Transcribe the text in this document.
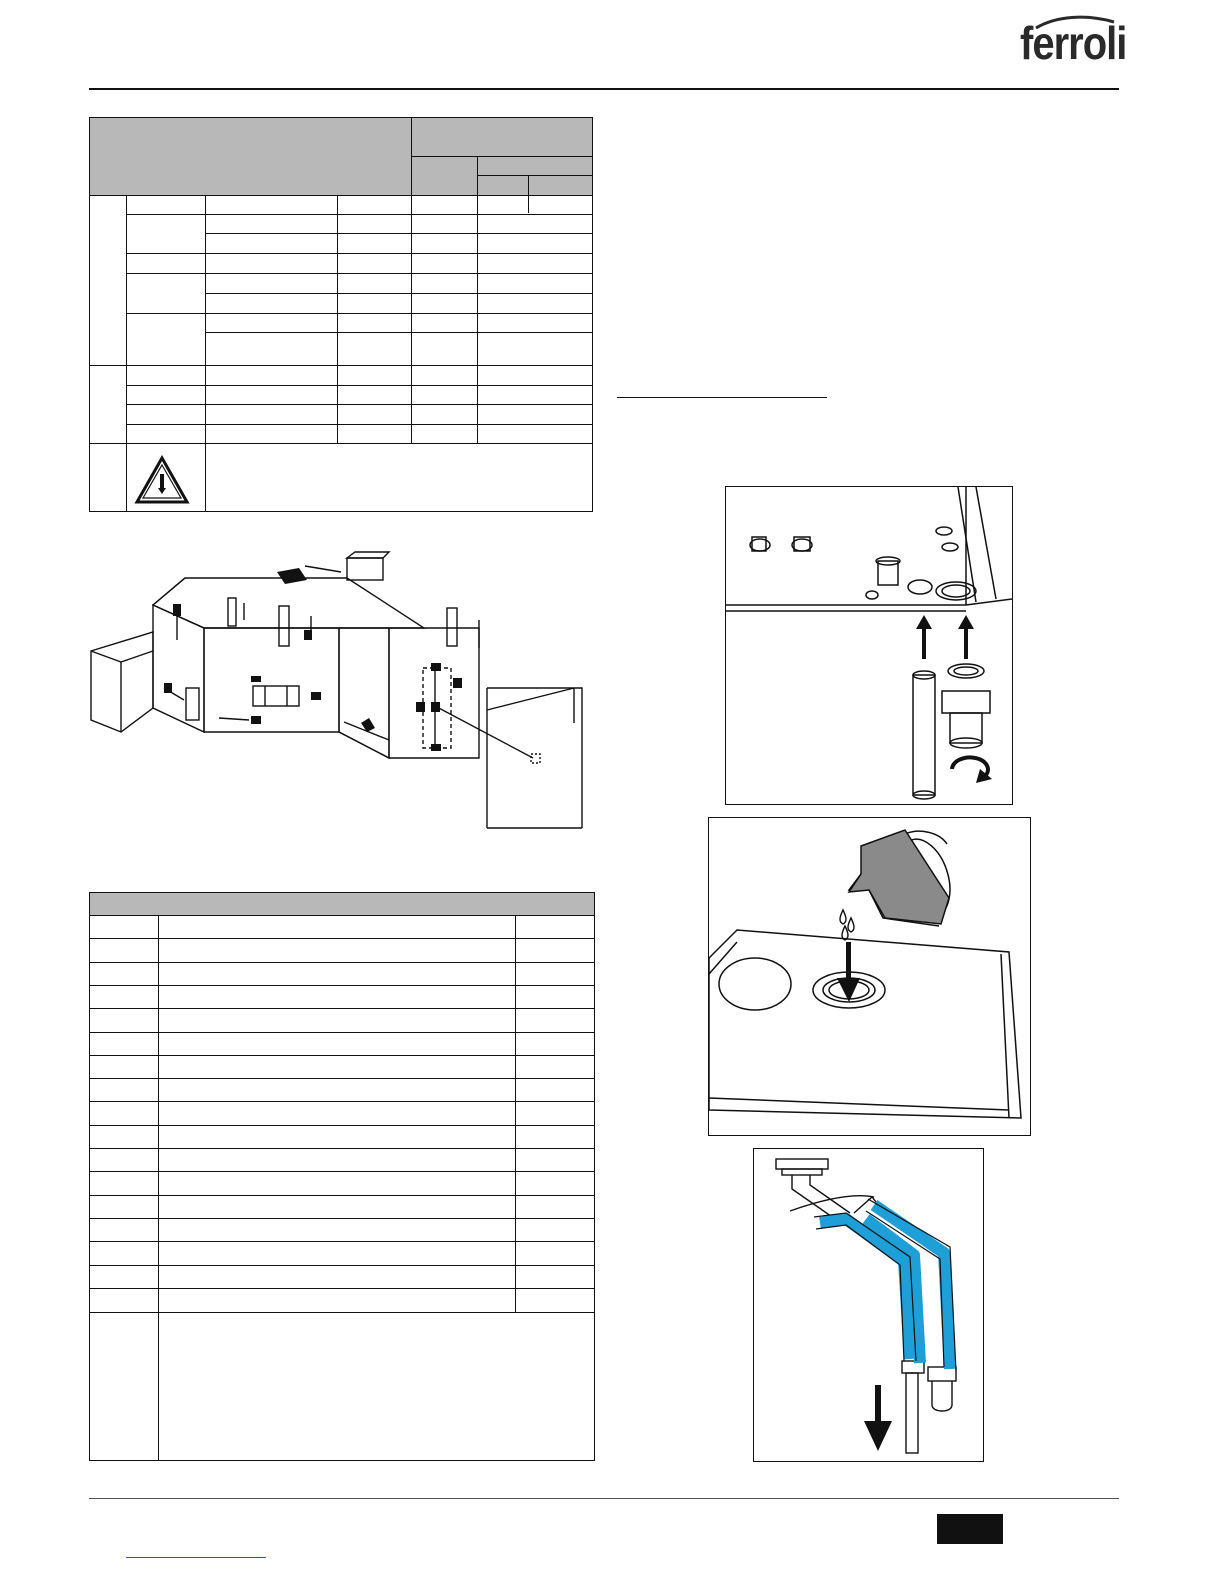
ferroli
